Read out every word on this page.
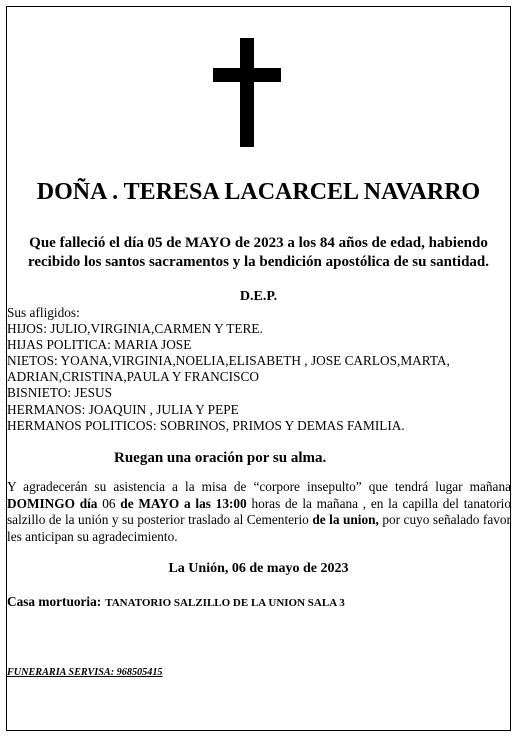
DOÑA . TERESA LACARCEL NAVARRO
Que falleció el día 05 de MAYO de 2023 a los 84 años de edad, habiendo
recibido los santos sacramentos y la bendición apostólica de su santidad.
D.E.P.
Sus afligidos:
HIJOS: JULIO,VIRGINIA,CARMEN Y TERE.
HIJAS POLITICA: MARIA JOSE
NIETOS: YOANA,VIRGINIA,NOELIA,ELISABETH , JOSE CARLOS,MARTA,
ADRIAN,CRISTINA,PAULA Y FRANCISCO
BISNIETO: JESUS
HERMANOS: JOAQUIN , JULIA Y PEPE
HERMANOS POLITICOS: SOBRINOS, PRIMOS Y DEMAS FAMILIA.
Ruegan una oración por su alma.
Y agradecerán su asistencia a la misa de “corpore insepulto” que tendrá lugar mañana DOMINGO día 06 de MAYO a las 13:00 horas de la mañana , en la capilla del tanatorio salzillo de la unión y su posterior traslado al Cementerio de la union, por cuyo señalado favor les anticipan su agradecimiento.
La Unión, 06 de mayo de 2023
Casa mortuoria: TANATORIO SALZILLO DE LA UNION SALA 3
FUNERARIA SERVISA: 968505415
